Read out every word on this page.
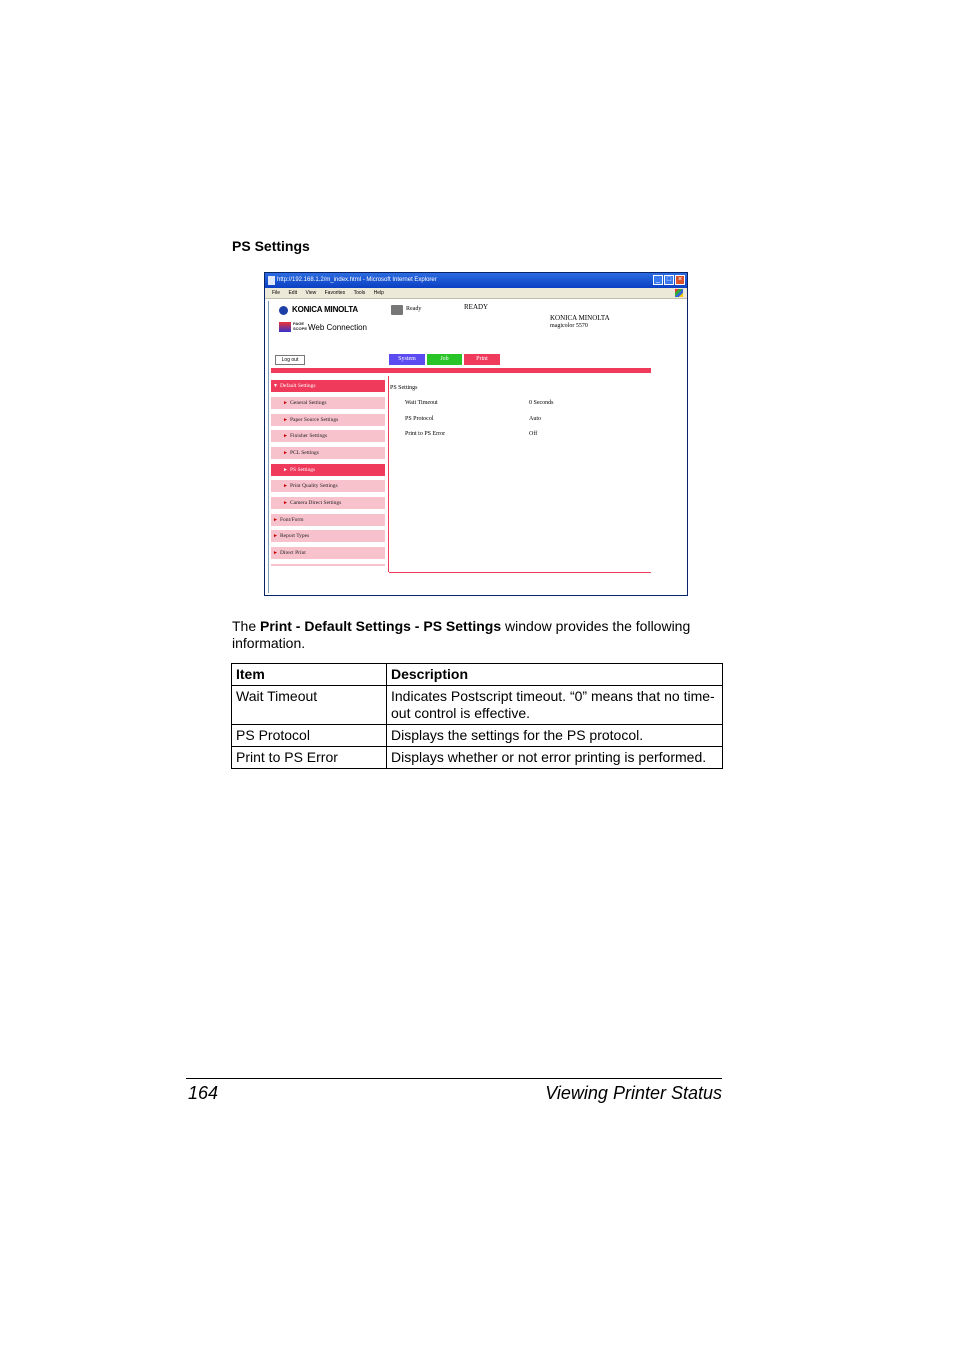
PS Settings
http://192.168.1.2/m_index.html - Microsoft Internet Explorer	_ □ ×
File Edit View Favorites Tools Help
KONICA MINOLTA
PAGE SCOPE Web Connection
Ready	READY
KONICA MINOLTA
magicolor 5570
Log out	System	Job	Print
▼ Default Settings
► General Settings
► Paper Source Settings
► Finisher Settings
► PCL Settings
► PS Settings
► Print Quality Settings
► Camera Direct Settings
► Font/Form
► Report Types
► Direct Print
PS Settings
Wait Timeout	0 Seconds
PS Protocol	Auto
Print to PS Error	Off
The Print - Default Settings - PS Settings window provides the following information.
Item	Description
Wait Timeout	Indicates Postscript timeout. “0” means that no time-out control is effective.
PS Protocol	Displays the settings for the PS protocol.
Print to PS Error	Displays whether or not error printing is performed.
164	Viewing Printer Status
